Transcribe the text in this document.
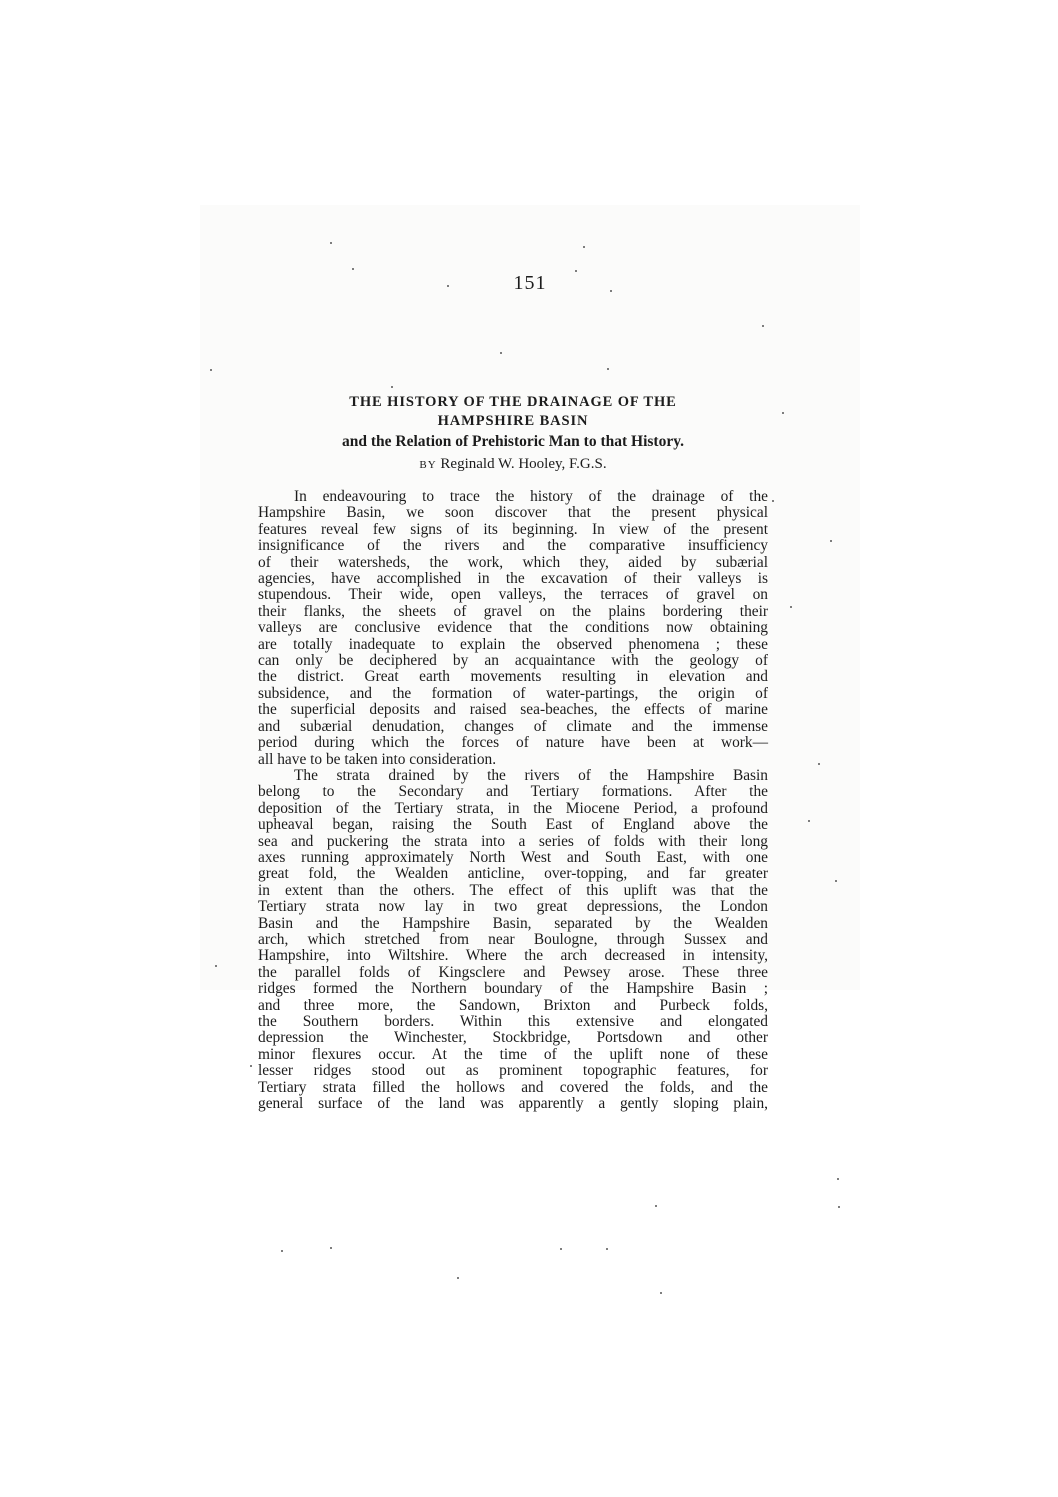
151
THE HISTORY OF THE DRAINAGE OF THE
HAMPSHIRE BASIN
and the Relation of Prehistoric Man to that History.
BY Reginald W. Hooley, F.G.S.
In endeavouring to trace the history of the drainage of the
Hampshire Basin, we soon discover that the present physical
features reveal few signs of its beginning. In view of the present
insignificance of the rivers and the comparative insufficiency
of their watersheds, the work, which they, aided by subærial
agencies, have accomplished in the excavation of their valleys is
stupendous. Their wide, open valleys, the terraces of gravel on
their flanks, the sheets of gravel on the plains bordering their
valleys are conclusive evidence that the conditions now obtaining
are totally inadequate to explain the observed phenomena ; these
can only be deciphered by an acquaintance with the geology of
the district. Great earth movements resulting in elevation and
subsidence, and the formation of water-partings, the origin of
the superficial deposits and raised sea-beaches, the effects of marine
and subærial denudation, changes of climate and the immense
period during which the forces of nature have been at work—
all have to be taken into consideration.
The strata drained by the rivers of the Hampshire Basin
belong to the Secondary and Tertiary formations. After the
deposition of the Tertiary strata, in the Miocene Period, a profound
upheaval began, raising the South East of England above the
sea and puckering the strata into a series of folds with their long
axes running approximately North West and South East, with one
great fold, the Wealden anticline, over-topping, and far greater
in extent than the others. The effect of this uplift was that the
Tertiary strata now lay in two great depressions, the London
Basin and the Hampshire Basin, separated by the Wealden
arch, which stretched from near Boulogne, through Sussex and
Hampshire, into Wiltshire. Where the arch decreased in intensity,
the parallel folds of Kingsclere and Pewsey arose. These three
ridges formed the Northern boundary of the Hampshire Basin ;
and three more, the Sandown, Brixton and Purbeck folds,
the Southern borders. Within this extensive and elongated
depression the Winchester, Stockbridge, Portsdown and other
minor flexures occur. At the time of the uplift none of these
lesser ridges stood out as prominent topographic features, for
Tertiary strata filled the hollows and covered the folds, and the
general surface of the land was apparently a gently sloping plain,
